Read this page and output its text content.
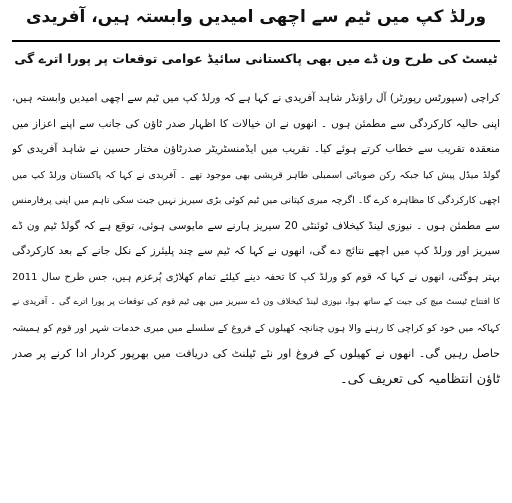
ورلڈ کپ میں ٹیم سے اچھی امیدیں وابستہ ہیں، آفریدی
ٹیسٹ کی طرح ون ڈے میں بھی پاکستانی سائیڈ عوامی توقعات پر پورا اترے گی
کراچی (سپورٹس رپورٹر) آل راؤنڈر شاہد آفریدی نے کہا ہے کہ ورلڈ کپ میں ٹیم سے اچھی امیدیں وابستہ ہیں،
اپنی حالیہ کارکردگی سے مطمئن ہوں ۔ انھوں نے ان خیالات کا اظہار صدر ٹاؤن کی جانب سے اپنے اعزاز میں
منعقدہ تقریب سے خطاب کرتے ہوئے کیا۔ تقریب میں ایڈمنسٹریٹر صدرٹاؤن مختار حسین نے شاہد آفریدی کو
گولڈ میڈل پیش کیا جبکہ رکن صوبائی اسمبلی طاہر قریشی بھی موجود تھے ۔ آفریدی نے کہا کہ پاکستان ورلڈ کپ میں
اچھی کارکردگی کا مظاہرہ کرے گا۔ اگرچہ میری کپتانی میں ٹیم کوئی بڑی سیریز نہیں جیت سکی تاہم میں اپنی پرفارمنس
سے مطمئن ہوں ۔ نیوزی لینڈ کیخلاف ٹوئنٹی 20 سیریز ہارنے سے مایوسی ہوئی، توقع ہے کہ گولڈ ٹیم ون ڈے
سیریز اور ورلڈ کپ میں اچھے نتائج دے گی، انھوں نے کہا کہ ٹیم سے چند پلیئرز کے نکل جانے کے بعد کارکردگی
بہتر ہوگئی، انھوں نے کہا کہ قوم کو ورلڈ کپ کا تحفہ دینے کیلئے تمام کھلاڑی پُرعزم ہیں، جس طرح سال 2011
کا افتتاح ٹیسٹ میچ کی جیت کے ساتھ ہوا، نیوزی لینڈ کیخلاف ون ڈے سیریز میں بھی ٹیم قوم کی توقعات پر پورا اترے گی ۔ آفریدی نے
کہاکہ میں خود کو کراچی کا رہنے والا ہوں چنانچہ کھیلوں کے فروغ کے سلسلے میں میری خدمات شہر اور قوم کو ہمیشہ
حاصل رہیں گی۔ انھوں نے کھیلوں کے فروغ اور نئے ٹیلنٹ کی دریافت میں بھرپور کردار ادا کرنے پر صدر
ٹاؤن انتظامیہ کی تعریف کی۔
